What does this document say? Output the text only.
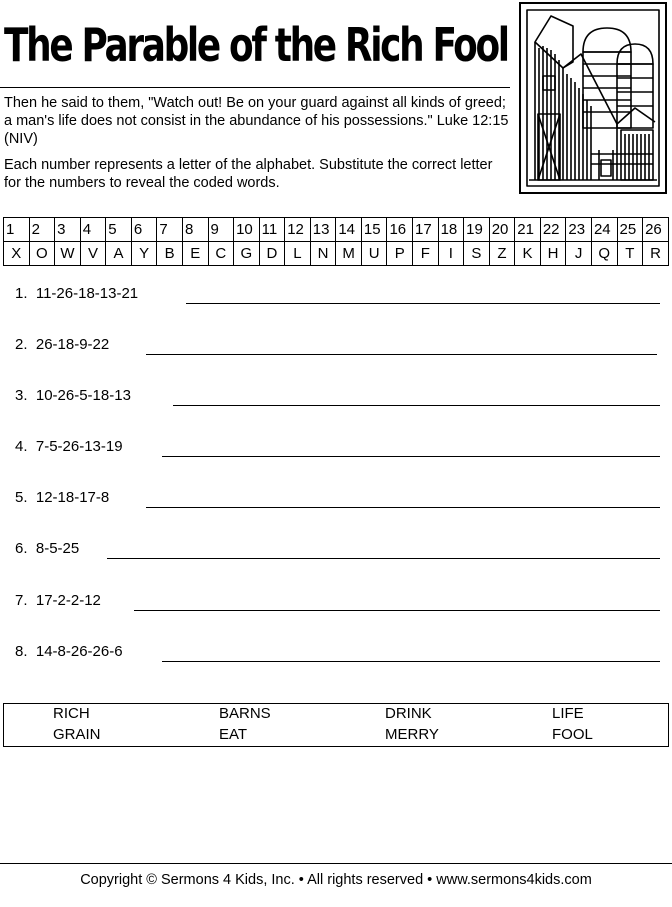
The Parable of the Rich Fool
Then he said to them, "Watch out! Be on your guard against all kinds of greed; a man's life does not consist in the abundance of his possessions." Luke 12:15 (NIV)
Each number represents a letter of the alphabet. Substitute the correct letter for the numbers to reveal the coded words.
1	2	3	4	5	6	7	8	9	10	11	12	13	14	15	16	17	18	19	20	21	22	23	24	25	26
X	O	W	V	A	Y	B	E	C	G	D	L	N	M	U	P	F	I	S	Z	K	H	J	Q	T	R
1. 11-26-18-13-21
2. 26-18-9-22
3. 10-26-5-18-13
4. 7-5-26-13-19
5. 12-18-17-8
6. 8-5-25
7. 17-2-2-12
8. 14-8-26-26-6
RICH	BARNS	DRINK	LIFE
GRAIN	EAT	MERRY	FOOL
Copyright © Sermons 4 Kids, Inc. • All rights reserved • www.sermons4kids.com
